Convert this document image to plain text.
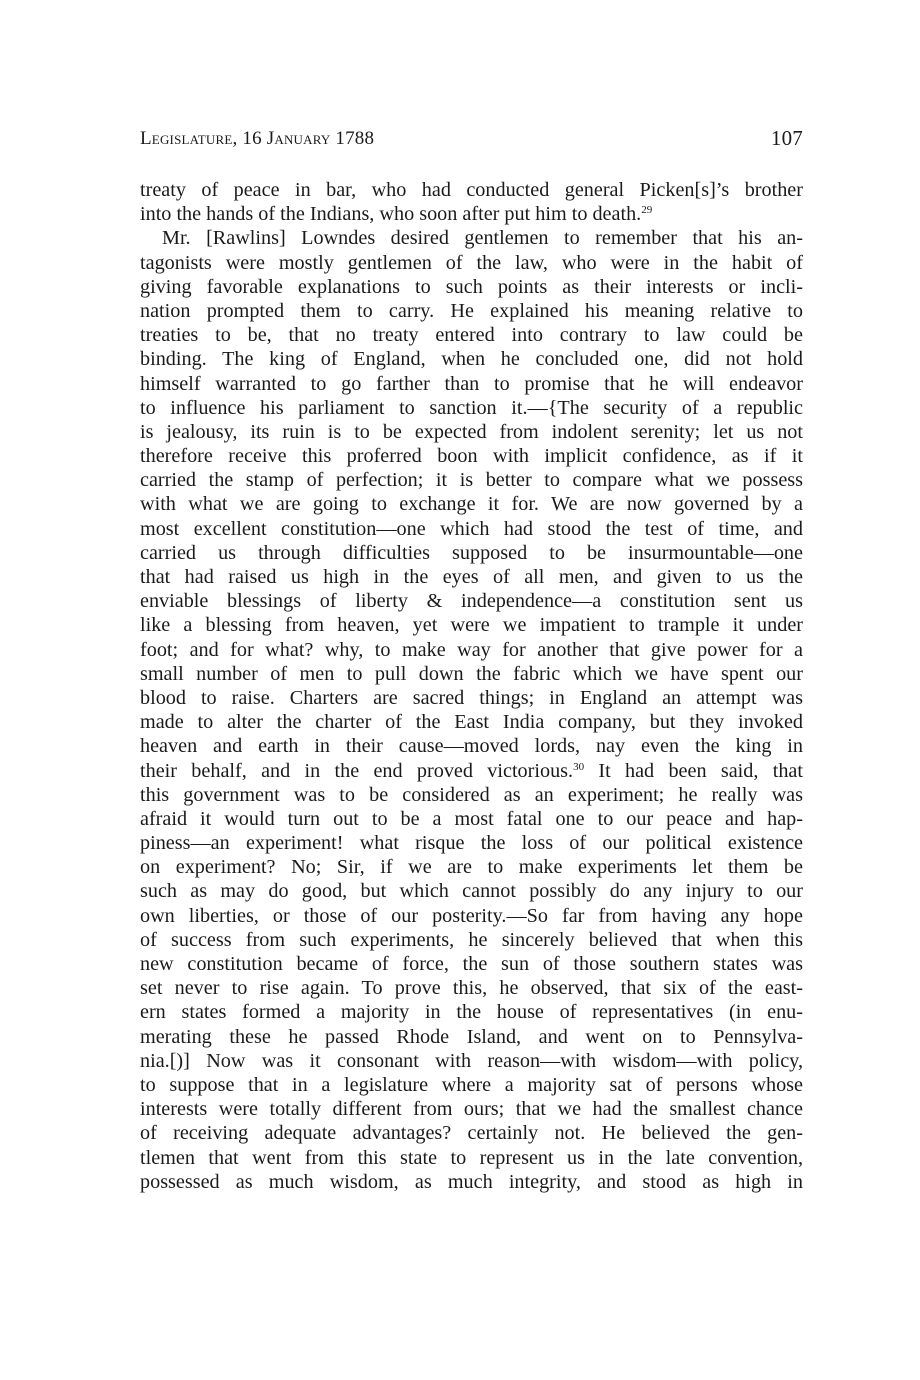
Legislature, 16 January 1788	107
treaty of peace in bar, who had conducted general Picken[s]’s brother
into the hands of the Indians, who soon after put him to death.$^{29}$
Mr. [Rawlins] Lowndes desired gentlemen to remember that his an-
tagonists were mostly gentlemen of the law, who were in the habit of
giving favorable explanations to such points as their interests or incli-
nation prompted them to carry. He explained his meaning relative to
treaties to be, that no treaty entered into contrary to law could be
binding. The king of England, when he concluded one, did not hold
himself warranted to go farther than to promise that he will endeavor
to influence his parliament to sanction it.—{The security of a republic
is jealousy, its ruin is to be expected from indolent serenity; let us not
therefore receive this proferred boon with implicit confidence, as if it
carried the stamp of perfection; it is better to compare what we possess
with what we are going to exchange it for. We are now governed by a
most excellent constitution—one which had stood the test of time, and
carried us through difficulties supposed to be insurmountable—one
that had raised us high in the eyes of all men, and given to us the
enviable blessings of liberty & independence—a constitution sent us
like a blessing from heaven, yet were we impatient to trample it under
foot; and for what? why, to make way for another that give power for a
small number of men to pull down the fabric which we have spent our
blood to raise. Charters are sacred things; in England an attempt was
made to alter the charter of the East India company, but they invoked
heaven and earth in their cause—moved lords, nay even the king in
their behalf, and in the end proved victorious.$^{30}$ It had been said, that
this government was to be considered as an experiment; he really was
afraid it would turn out to be a most fatal one to our peace and hap-
piness—an experiment! what risque the loss of our political existence
on experiment? No; Sir, if we are to make experiments let them be
such as may do good, but which cannot possibly do any injury to our
own liberties, or those of our posterity.—So far from having any hope
of success from such experiments, he sincerely believed that when this
new constitution became of force, the sun of those southern states was
set never to rise again. To prove this, he observed, that six of the east-
ern states formed a majority in the house of representatives (in enu-
merating these he passed Rhode Island, and went on to Pennsylva-
nia.[)] Now was it consonant with reason—with wisdom—with policy,
to suppose that in a legislature where a majority sat of persons whose
interests were totally different from ours; that we had the smallest chance
of receiving adequate advantages? certainly not. He believed the gen-
tlemen that went from this state to represent us in the late convention,
possessed as much wisdom, as much integrity, and stood as high in
